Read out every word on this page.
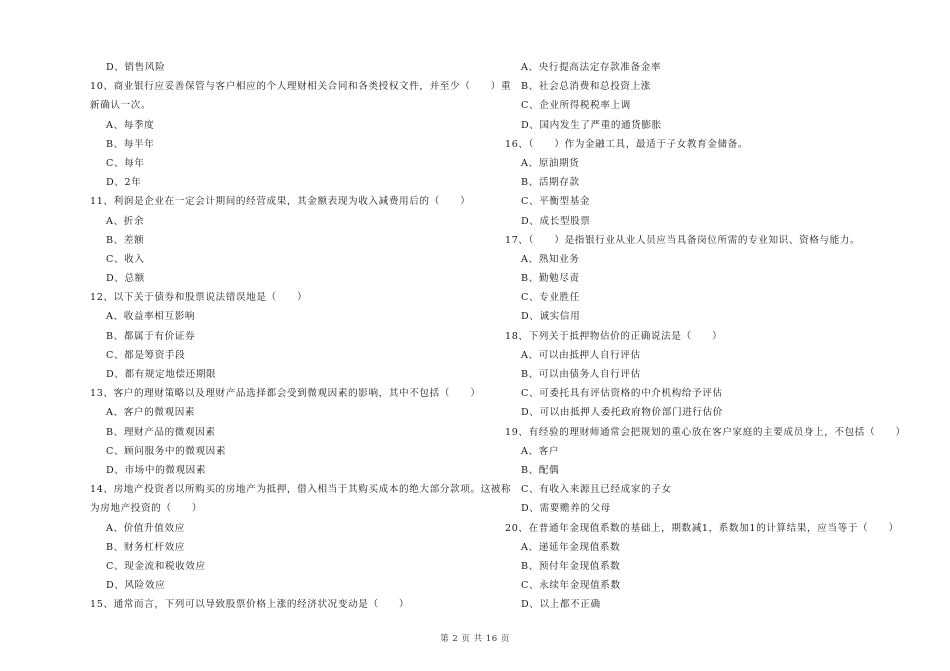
D、销售风险
10、商业银行应妥善保管与客户相应的个人理财相关合同和各类授权文件，并至少（　　）重
新确认一次。
A、每季度
B、每半年
C、每年
D、2年
11、利润是企业在一定会计期间的经营成果，其金额表现为收入减费用后的（　　）
A、折余
B、差额
C、收入
D、总额
12、以下关于债券和股票说法错误地是（　　）
A、收益率相互影响
B、都属于有价证券
C、都是筹资手段
D、都有规定地偿还期限
13、客户的理财策略以及理财产品选择都会受到微观因素的影响，其中不包括（　　）
A、客户的微观因素
B、理财产品的微观因素
C、顾问服务中的微观因素
D、市场中的微观因素
14、房地产投资者以所购买的房地产为抵押，借入相当于其购买成本的绝大部分款项。这被称
为房地产投资的（　　）
A、价值升值效应
B、财务杠杆效应
C、现金流和税收效应
D、风险效应
15、通常而言，下列可以导致股票价格上涨的经济状况变动是（　　）
A、央行提高法定存款准备金率
B、社会总消费和总投资上涨
C、企业所得税税率上调
D、国内发生了严重的通货膨胀
16、（　　）作为金融工具，最适于子女教育金储备。
A、原油期货
B、活期存款
C、平衡型基金
D、成长型股票
17、（　　）是指银行业从业人员应当具备岗位所需的专业知识、资格与能力。
A、熟知业务
B、勤勉尽责
C、专业胜任
D、诚实信用
18、下列关于抵押物估价的正确说法是（　　）
A、可以由抵押人自行评估
B、可以由债务人自行评估
C、可委托具有评估资格的中介机构给予评估
D、可以由抵押人委托政府物价部门进行估价
19、有经验的理财师通常会把规划的重心放在客户家庭的主要成员身上，不包括（　　）
A、客户
B、配偶
C、有收入来源且已经成家的子女
D、需要赡养的父母
20、在普通年金现值系数的基础上，期数减1，系数加1的计算结果，应当等于（　　）
A、递延年金现值系数
B、预付年金现值系数
C、永续年金现值系数
D、以上都不正确
第 2 页 共 16 页
